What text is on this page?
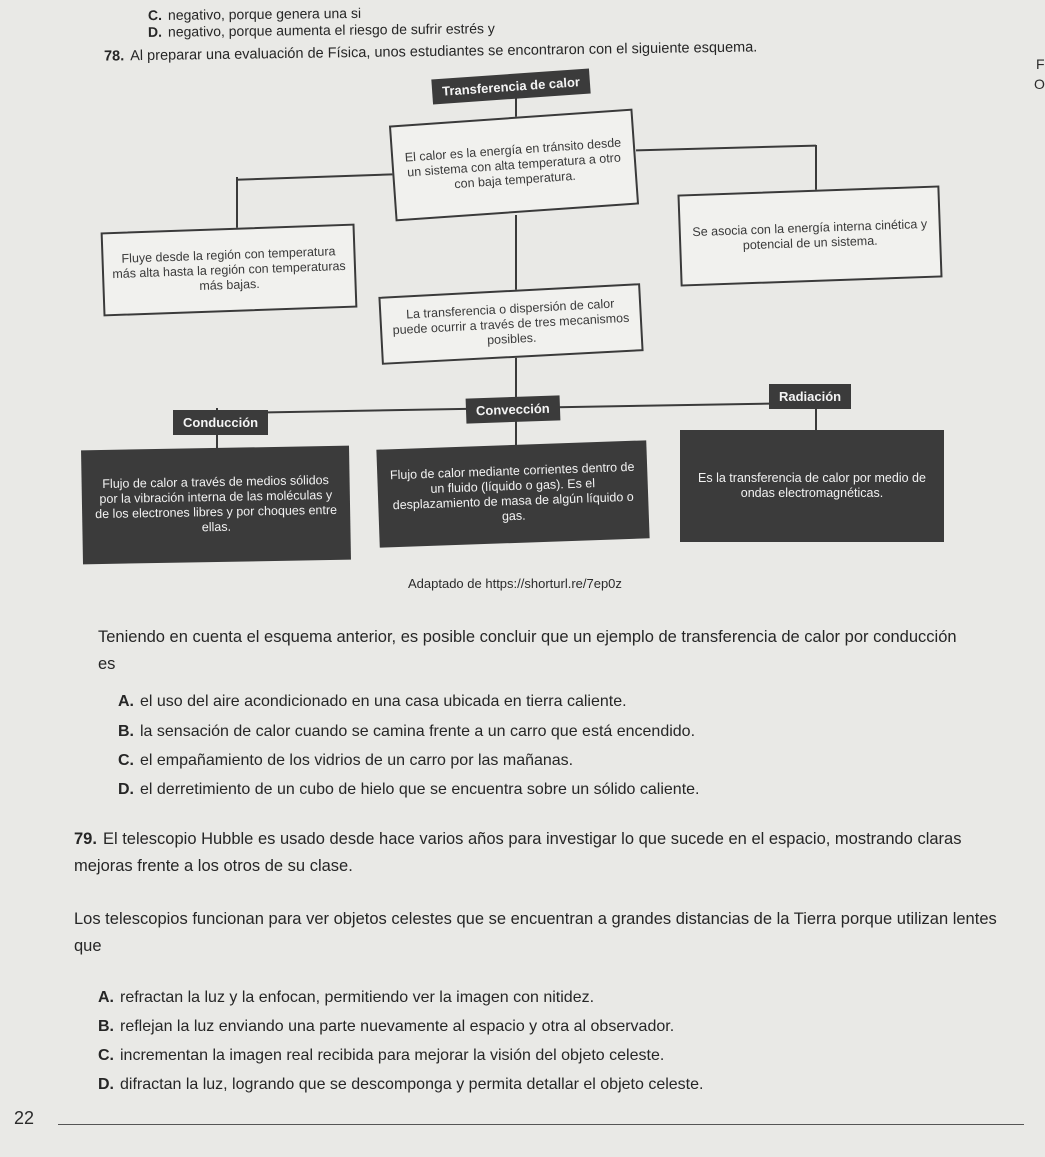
C. negativo, porque genera una si
D. negativo, porque aumenta el riesgo de sufrir estrés y
78. Al preparar una evaluación de Física, unos estudiantes se encontraron con el siguiente esquema.	F
O
Transferencia de calor
El calor es la energía en tránsito desde un sistema con alta temperatura a otro con baja temperatura.
Fluye desde la región con temperatura más alta hasta la región con temperaturas más bajas.
Se asocia con la energía interna cinética y potencial de un sistema.
La transferencia o dispersión de calor puede ocurrir a través de tres mecanismos posibles.
Conducción
Convección
Radiación
Flujo de calor a través de medios sólidos por la vibración interna de las moléculas y de los electrones libres y por choques entre ellas.
Flujo de calor mediante corrientes dentro de un fluido (líquido o gas). Es el desplazamiento de masa de algún líquido o gas.
Es la transferencia de calor por medio de ondas electromagnéticas.
Adaptado de https://shorturl.re/7ep0z
Teniendo en cuenta el esquema anterior, es posible concluir que un ejemplo de transferencia de calor por conducción es
A. el uso del aire acondicionado en una casa ubicada en tierra caliente.
B. la sensación de calor cuando se camina frente a un carro que está encendido.
C. el empañamiento de los vidrios de un carro por las mañanas.
D. el derretimiento de un cubo de hielo que se encuentra sobre un sólido caliente.
79. El telescopio Hubble es usado desde hace varios años para investigar lo que sucede en el espacio, mostrando claras mejoras frente a los otros de su clase.
Los telescopios funcionan para ver objetos celestes que se encuentran a grandes distancias de la Tierra porque utilizan lentes que
A. refractan la luz y la enfocan, permitiendo ver la imagen con nitidez.
B. reflejan la luz enviando una parte nuevamente al espacio y otra al observador.
C. incrementan la imagen real recibida para mejorar la visión del objeto celeste.
D. difractan la luz, logrando que se descomponga y permita detallar el objeto celeste.
22
